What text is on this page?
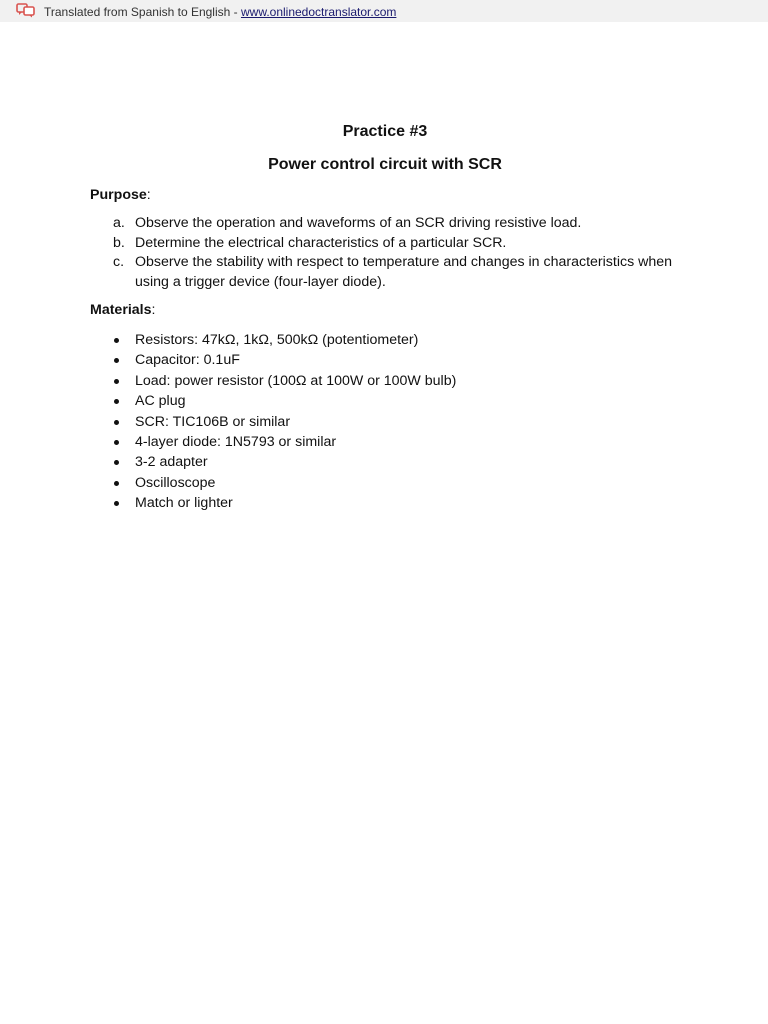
Translated from Spanish to English - www.onlinedoctranslator.com
Practice #3
Power control circuit with SCR
Purpose:
a. Observe the operation and waveforms of an SCR driving resistive load.
b. Determine the electrical characteristics of a particular SCR.
c. Observe the stability with respect to temperature and changes in characteristics when using a trigger device (four-layer diode).
Materials:
Resistors: 47kΩ, 1kΩ, 500kΩ (potentiometer)
Capacitor: 0.1uF
Load: power resistor (100Ω at 100W or 100W bulb)
AC plug
SCR: TIC106B or similar
4-layer diode: 1N5793 or similar
3-2 adapter
Oscilloscope
Match or lighter
